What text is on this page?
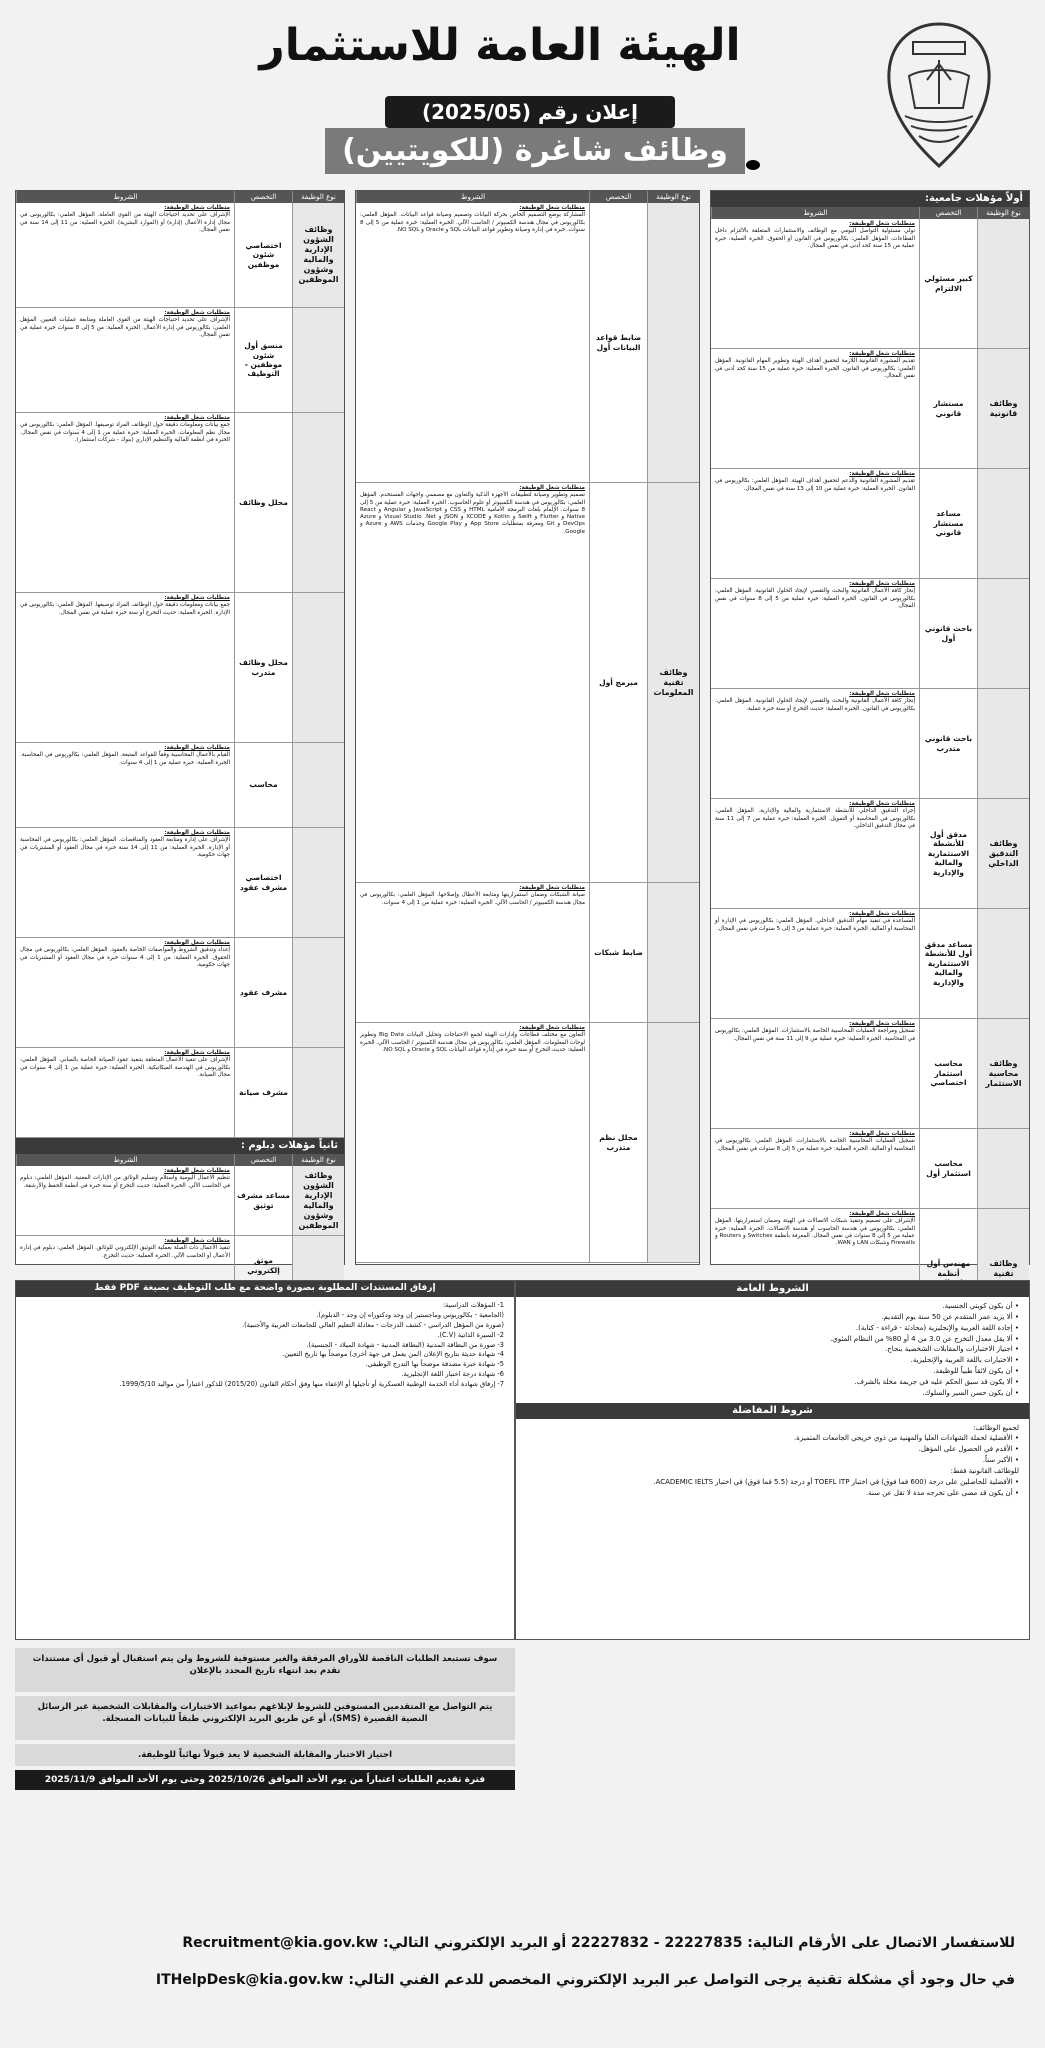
الهيئة العامة للاستثمار
إعلان رقم (2025/05)
وظائف شاغرة (للكويتيين)
أولاً مؤهلات جامعية:
نوع الوظيفة
التخصص
الشروط
كبير مسئولي الالتزام
متطلبات شغل الوظيفة:
تولي مسئولية التواصل اليومي مع الوظائف والاستثمارات المتعلقة بالالتزام داخل القطاعات. المؤهل العلمي: بكالوريوس في القانون أو الحقوق. الخبرة العملية: خبرة عملية من 15 سنة كحد أدنى في نفس المجال.
وظائف قانونية
مستشار قانوني
متطلبات شغل الوظيفة:
تقديم المشورة القانونية اللازمة لتحقيق أهداف الهيئة وتطوير المهام القانونية. المؤهل العلمي: بكالوريوس في القانون. الخبرة العملية: خبرة عملية من 15 سنة كحد أدنى في نفس المجال.
مساعد مستشار قانوني
متطلبات شغل الوظيفة:
تقديم المشورة القانونية والدعم لتحقيق أهداف الهيئة. المؤهل العلمي: بكالوريوس في القانون. الخبرة العملية: خبرة عملية من 10 إلى 13 سنة في نفس المجال.
باحث قانوني أول
متطلبات شغل الوظيفة:
إنجاز كافة الأعمال القانونية والبحث والتقصي لإيجاد الحلول القانونية. المؤهل العلمي: بكالوريوس في القانون. الخبرة العملية: خبرة عملية من 5 إلى 8 سنوات في نفس المجال.
باحث قانوني متدرب
متطلبات شغل الوظيفة:
إنجاز كافة الأعمال القانونية والبحث والتقصي لإيجاد الحلول القانونية. المؤهل العلمي: بكالوريوس في القانون. الخبرة العملية: حديث التخرج أو سنة خبرة عملية.
وظائف التدقيق الداخلي
مدقق أول للأنشطة الاستثمارية والمالية والإدارية
متطلبات شغل الوظيفة:
إجراء التدقيق الداخلي للأنشطة الاستثمارية والمالية والإدارية. المؤهل العلمي: بكالوريوس في المحاسبة أو التمويل. الخبرة العملية: خبرة عملية من 7 إلى 11 سنة في مجال التدقيق الداخلي.
مساعد مدقق أول للأنشطة الاستثمارية والمالية والإدارية
متطلبات شغل الوظيفة:
المساعدة في تنفيذ مهام التدقيق الداخلي. المؤهل العلمي: بكالوريوس في الإدارة أو المحاسبة أو المالية. الخبرة العملية: خبرة عملية من 3 إلى 5 سنوات في نفس المجال.
وظائف محاسبة الاستثمار
محاسب استثمار اختصاصي
متطلبات شغل الوظيفة:
تسجيل ومراجعة العمليات المحاسبية الخاصة بالاستثمارات. المؤهل العلمي: بكالوريوس في المحاسبة. الخبرة العملية: خبرة عملية من 9 إلى 11 سنة في نفس المجال.
محاسب استثمار أول
متطلبات شغل الوظيفة:
تسجيل العمليات المحاسبية الخاصة بالاستثمارات. المؤهل العلمي: بكالوريوس في المحاسبة أو المالية. الخبرة العملية: خبرة عملية من 5 إلى 8 سنوات في نفس المجال.
وظائف تقنية
مهندس أول أنظمة
متطلبات شغل الوظيفة:
الإشراف على تصميم وتنفيذ شبكات الاتصالات في الهيئة وضمان استمراريتها. المؤهل العلمي: بكالوريوس في هندسة الحاسوب أو هندسة الاتصالات. الخبرة العملية: خبرة عملية من 5 إلى 8 سنوات في نفس المجال. المعرفة بأنظمة Switches و Routers و Firewalls وشبكات LAN و WAN.
نوع الوظيفة
التخصص
الشروط
ضابط قواعد البيانات أول
متطلبات شغل الوظيفة:
المشاركة بوضع التصميم الخاص بحركة البيانات وتصميم وصيانة قواعد البيانات. المؤهل العلمي: بكالوريوس في مجال هندسة الكمبيوتر / الحاسب الآلي. الخبرة العملية: خبرة عملية من 5 إلى 8 سنوات. خبرة في إدارة وصيانة وتطوير قواعد البيانات SQL و Oracle و NO SQL.
وظائف تقنية المعلومات
مبرمج أول
متطلبات شغل الوظيفة:
تصميم وتطوير وصيانة لتطبيقات الأجهزة الذكية والتعاون مع مصممي واجهات المستخدم. المؤهل العلمي: بكالوريوس في هندسة الكمبيوتر أو علوم الحاسوب. الخبرة العملية: خبرة عملية من 5 إلى 8 سنوات. الإلمام بلغات البرمجة الأمامية HTML و CSS و JavaScript و Angular و React Native و Flutter و Swift و Kotlin و XCODE و JSON و Visual Studio .Net و Azure DevOps و Git ومعرفة بمتطلبات App Store و Google Play وخدمات AWS و Azure و Google.
ضابط شبكات
متطلبات شغل الوظيفة:
صيانة الشبكات وضمان استمراريتها ومتابعة الأعطال وإصلاحها. المؤهل العلمي: بكالوريوس في مجال هندسة الكمبيوتر / الحاسب الآلي. الخبرة العملية: خبرة عملية من 1 إلى 4 سنوات.
محلل نظم متدرب
متطلبات شغل الوظيفة:
التعاون مع مختلف قطاعات وإدارات الهيئة لجمع الاحتياجات وتحليل البيانات Big Data وتطوير لوحات المعلومات. المؤهل العلمي: بكالوريوس في مجال هندسة الكمبيوتر / الحاسب الآلي. الخبرة العملية: حديث التخرج أو سنة خبرة في إدارة قواعد البيانات SQL و Oracle و NO SQL.
نوع الوظيفة
التخصص
الشروط
وظائف الشؤون الإدارية والمالية وشؤون الموظفين
اختصاصي شئون موظفين
متطلبات شغل الوظيفة:
الإشراف على تحديد احتياجات الهيئة من القوى العاملة. المؤهل العلمي: بكالوريوس في مجال إدارة الأعمال (إدارة) أو (الموارد البشرية). الخبرة العملية: من 11 إلى 14 سنة في نفس المجال.
منسق أول شئون موظفين - التوظيف
متطلبات شغل الوظيفة:
الإشراف على تحديد احتياجات الهيئة من القوى العاملة ومتابعة عمليات التعيين. المؤهل العلمي: بكالوريوس في إدارة الأعمال. الخبرة العملية: من 5 إلى 8 سنوات خبرة عملية في نفس المجال.
محلل وظائف
متطلبات شغل الوظيفة:
جمع بيانات ومعلومات دقيقة حول الوظائف المراد توصيفها. المؤهل العلمي: بكالوريوس في مجال نظم المعلومات. الخبرة العملية: خبرة عملية من 1 إلى 4 سنوات في نفس المجال. الخبرة في أنظمة المالية والتنظيم الإداري (بنوك - شركات استثمار).
محلل وظائف متدرب
متطلبات شغل الوظيفة:
جمع بيانات ومعلومات دقيقة حول الوظائف المراد توصيفها. المؤهل العلمي: بكالوريوس في الإدارة. الخبرة العملية: حديث التخرج أو سنة خبرة عملية في نفس المجال.
محاسب
متطلبات شغل الوظيفة:
القيام بالأعمال المحاسبية وفقاً للقواعد المتبعة. المؤهل العلمي: بكالوريوس في المحاسبة. الخبرة العملية: خبرة عملية من 1 إلى 4 سنوات.
اختصاصي مشرف عقود
متطلبات شغل الوظيفة:
الإشراف على إدارة ومتابعة العقود والمناقصات. المؤهل العلمي: بكالوريوس في المحاسبة أو الإدارة. الخبرة العملية: من 11 إلى 14 سنة خبرة في مجال العقود أو المشتريات في جهات حكومية.
مشرف عقود
متطلبات شغل الوظيفة:
إعداد وتدقيق الشروط والمواصفات الخاصة بالعقود. المؤهل العلمي: بكالوريوس في مجال الحقوق. الخبرة العملية: من 1 إلى 4 سنوات خبرة في مجال العقود أو المشتريات في جهات حكومية.
مشرف صيانة
متطلبات شغل الوظيفة:
الإشراف على تنفيذ الأعمال المتعلقة بتنفيذ عقود الصيانة الخاصة بالمباني. المؤهل العلمي: بكالوريوس في الهندسة الميكانيكية. الخبرة العملية: خبرة عملية من 1 إلى 4 سنوات في مجال الصيانة.
ثانياً مؤهلات دبلوم :
نوع الوظيفة
التخصص
الشروط
وظائف الشؤون الإدارية والمالية وشؤون الموظفين
مساعد مشرف توثيق
متطلبات شغل الوظيفة:
تنظيم الأعمال اليومية واستلام وتسليم الوثائق من الإدارات المعنية. المؤهل العلمي: دبلوم في الحاسب الآلي. الخبرة العملية: حديث التخرج أو سنة خبرة في أنظمة الحفظ والأرشفة.
موثق إلكتروني
متطلبات شغل الوظيفة:
تنفيذ الأعمال ذات الصلة بعملية التوثيق الإلكتروني للوثائق. المؤهل العلمي: دبلوم في إدارة الأعمال أو الحاسب الآلي. الخبرة العملية: حديث التخرج.
الشروط العامة
• أن يكون كويتي الجنسية.
• ألا يزيد عمر المتقدم عن 50 سنة يوم التقديم.
• إجادة اللغة العربية والإنجليزية (محادثة - قراءة - كتابة).
• ألا يقل معدل التخرج عن 3.0 من 4 أو 80% من النظام المئوي.
• اجتياز الاختبارات والمقابلات الشخصية بنجاح.
• الاختبارات باللغة العربية والإنجليزية.
• أن يكون لائقاً طبياً للوظيفة.
• ألا يكون قد سبق الحكم عليه في جريمة مخلة بالشرف.
• أن يكون حسن السير والسلوك.
شروط المفاضلة
لجميع الوظائف:
• الأفضلية لحملة الشهادات العليا والمهنية من ذوي خريجي الجامعات المتميزة.
• الأقدم في الحصول على المؤهل.
• الأكبر سناً.
للوظائف القانونية فقط:
• الأفضلية للحاصلين على درجة (600 فما فوق) في اختبار TOEFL ITP أو درجة (5.5 فما فوق) في اختبار ACADEMIC IELTS.
• أن يكون قد مضى على تخرجه مدة لا تقل عن سنة.
إرفاق المستندات المطلوبة بصورة واضحة مع طلب التوظيف بصيغة PDF فقط
1- المؤهلات الدراسية:
(الجامعية - بكالوريوس وماجستير إن وجد ودكتوراه إن وجد - الدبلوم).
(صورة من المؤهل الدراسي - كشف الدرجات - معادلة التعليم العالي للجامعات العربية والأجنبية).
2- السيرة الذاتية (C.V).
3- صورة من البطاقة المدنية (البطاقة المدنية - شهادة الميلاد - الجنسية).
4- شهادة حديثة بتاريخ الإعلان (لمن يعمل في جهة أخرى) موضحاً بها تاريخ التعيين.
5- شهادة خبرة مصدقة موضحاً بها التدرج الوظيفي.
6- شهادة درجة اختبار اللغة الإنجليزية.
7- إرفاق شهادة أداء الخدمة الوطنية العسكرية أو تأجيلها أو الإعفاء منها وفق أحكام القانون (2015/20) للذكور اعتباراً من مواليد 1999/5/10.
سوف تستبعد الطلبات الناقصة للأوراق المرفقة والغير مستوفية للشروط ولن يتم استقبال أو قبول أي مستندات تقدم بعد انتهاء تاريخ المحدد بالإعلان
يتم التواصل مع المتقدمين المستوفين للشروط لإبلاغهم بمواعيد الاختبارات والمقابلات الشخصية عبر الرسائل النصية القصيرة (SMS)، أو عن طريق البريد الإلكتروني طبقاً للبيانات المسجلة.
اجتياز الاختبار والمقابلة الشخصية لا يعد قبولاً نهائياً للوظيفة.
فترة تقديم الطلبات اعتباراً من يوم الأحد الموافق 2025/10/26 وحتى يوم الأحد الموافق 2025/11/9
للاستفسار الاتصال على الأرقام التالية: 22227835 - 22227832 أو البريد الإلكتروني التالي: Recruitment@kia.gov.kw
في حال وجود أي مشكلة تقنية يرجى التواصل عبر البريد الإلكتروني المخصص للدعم الفني التالي: ITHelpDesk@kia.gov.kw
